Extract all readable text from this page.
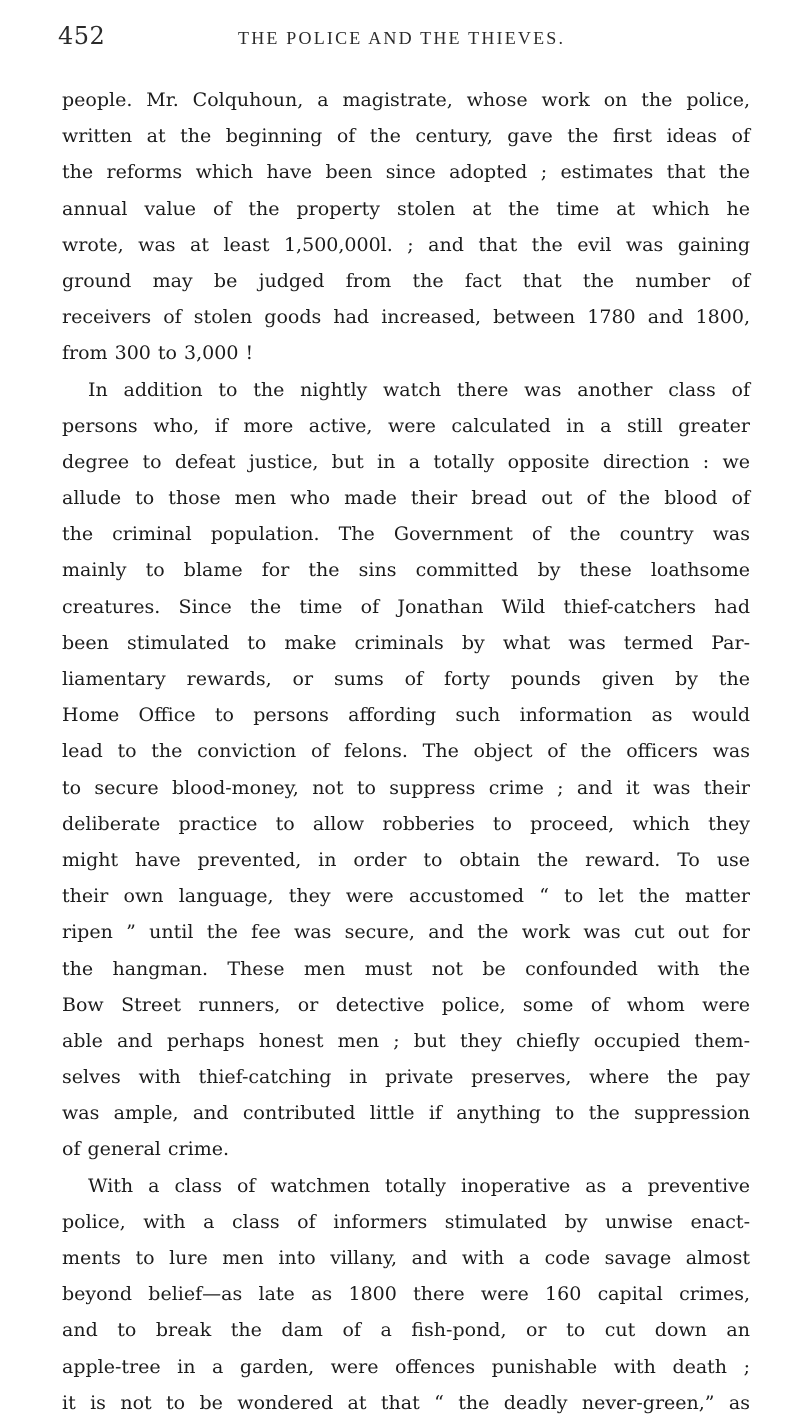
452	THE POLICE AND THE THIEVES.
people. Mr. Colquhoun, a magistrate, whose work on the police,
written at the beginning of the century, gave the first ideas of
the reforms which have been since adopted ; estimates that the
annual value of the property stolen at the time at which he
wrote, was at least 1,500,000l. ; and that the evil was gaining
ground may be judged from the fact that the number of
receivers of stolen goods had increased, between 1780 and 1800,
from 300 to 3,000 !
In addition to the nightly watch there was another class of
persons who, if more active, were calculated in a still greater
degree to defeat justice, but in a totally opposite direction : we
allude to those men who made their bread out of the blood of
the criminal population. The Government of the country was
mainly to blame for the sins committed by these loathsome
creatures. Since the time of Jonathan Wild thief-catchers had
been stimulated to make criminals by what was termed Par-
liamentary rewards, or sums of forty pounds given by the
Home Office to persons affording such information as would
lead to the conviction of felons. The object of the officers was
to secure blood-money, not to suppress crime ; and it was their
deliberate practice to allow robberies to proceed, which they
might have prevented, in order to obtain the reward. To use
their own language, they were accustomed “ to let the matter
ripen ” until the fee was secure, and the work was cut out for
the hangman. These men must not be confounded with the
Bow Street runners, or detective police, some of whom were
able and perhaps honest men ; but they chiefly occupied them-
selves with thief-catching in private preserves, where the pay
was ample, and contributed little if anything to the suppression
of general crime.
With a class of watchmen totally inoperative as a preventive
police, with a class of informers stimulated by unwise enact-
ments to lure men into villany, and with a code savage almost
beyond belief—as late as 1800 there were 160 capital crimes,
and to break the dam of a fish-pond, or to cut down an
apple-tree in a garden, were offences punishable with death ;
it is not to be wondered at that “ the deadly never-green,” as
